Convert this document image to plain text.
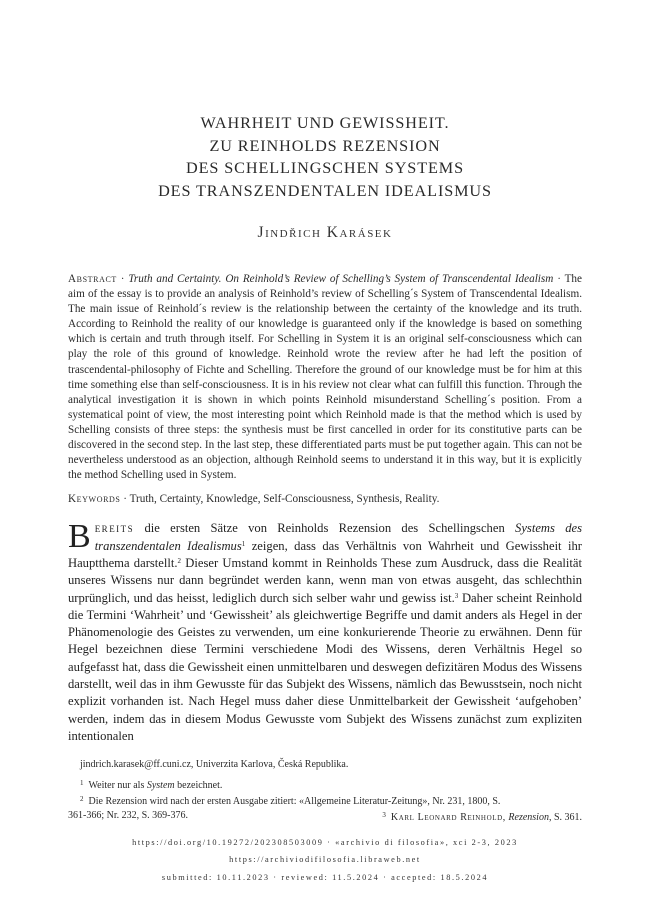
WAHRHEIT UND GEWISSHEIT.
ZU REINHOLDS REZENSION
DES SCHELLINGSCHEN SYSTEMS
DES TRANSZENDENTALEN IDEALISMUS
Jindřich Karásek

Abstract · Truth and Certainty. On Reinhold’s Review of Schelling’s System of Transcendental Idealism · The aim of the essay is to provide an analysis of Reinhold’s review of Schelling´s System of Transcendental Idealism. The main issue of Reinhold´s review is the relationship between the certainty of the knowledge and its truth. According to Reinhold the reality of our knowledge is guaranteed only if the knowledge is based on something which is certain and truth through itself. For Schelling in System it is an original self-consciousness which can play the role of this ground of knowledge. Reinhold wrote the review after he had left the position of trascendental-philosophy of Fichte and Schelling. Therefore the ground of our knowledge must be for him at this time something else than self-consciousness. It is in his review not clear what can fulfill this function. Through the analytical investigation it is shown in which points Reinhold misunderstand Schelling´s position. From a systematical point of view, the most interesting point which Reinhold made is that the method which is used by Schelling consists of three steps: the synthesis must be first cancelled in order for its constitutive parts can be discovered in the second step. In the last step, these differentiated parts must be put together again. This can not be nevertheless understood as an objection, although Reinhold seems to understand it in this way, but it is explicitly the method Schelling used in System.

Keywords · Truth, Certainty, Knowledge, Self-Consciousness, Synthesis, Reality.

Bereits die ersten Sätze von Reinholds Rezension des Schellingschen Systems des transzendentalen Idealismus$^1$ zeigen, dass das Verhältnis von Wahrheit und Gewissheit ihr Hauptthema darstellt.$^2$ Dieser Umstand kommt in Reinholds These zum Ausdruck, dass die Realität unseres Wissens nur dann begründet werden kann, wenn man von etwas ausgeht, das schlechthin urprünglich, und das heisst, lediglich durch sich selber wahr und gewiss ist.$^3$ Daher scheint Reinhold die Termini ‘Wahrheit’ und ‘Gewissheit’ als gleichwertige Begriffe und damit anders als Hegel in der Phänomenologie des Geistes zu verwenden, um eine konkurierende Theorie zu erwähnen. Denn für Hegel bezeichnen diese Termini verschiedene Modi des Wissens, deren Verhältnis Hegel so aufgefasst hat, dass die Gewissheit einen unmittelbaren und deswegen defizitären Modus des Wissens darstellt, weil das in ihm Gewusste für das Subjekt des Wissens, nämlich das Bewusstsein, noch nicht explizit vorhanden ist. Nach Hegel muss daher diese Unmittelbarkeit der Gewissheit ‘aufgehoben’ werden, indem das in diesem Modus Gewusste vom Subjekt des Wissens zunächst zum expliziten intentionalen

jindrich.karasek@ff.cuni.cz, Univerzita Karlova, Česká Republika.
$^1$ Weiter nur als System bezeichnet.
$^2$ Die Rezension wird nach der ersten Ausgabe zitiert: «Allgemeine Literatur-Zeitung», Nr. 231, 1800, S.
361-366; Nr. 232, S. 369-376.	$^3$ Karl Leonard Reinhold, Rezension, S. 361.
https://doi.org/10.19272/202308503009 · «archivio di filosofia», xci 2-3, 2023
https://archiviodifilosofia.libraweb.net
submitted: 10.11.2023 · reviewed: 11.5.2024 · accepted: 18.5.2024
